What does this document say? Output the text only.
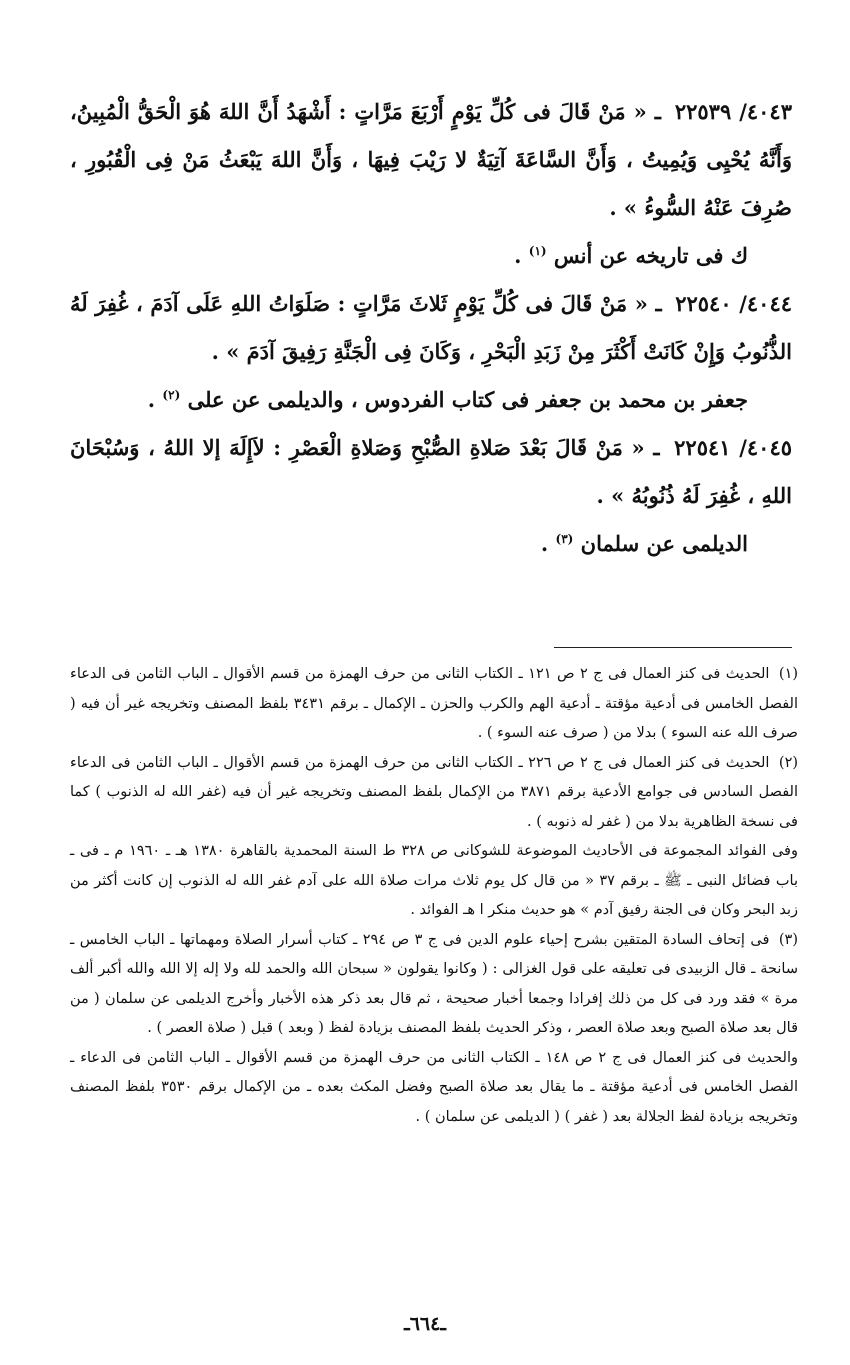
٤٠٤٣/ ٢٢٥٣٩ ـ « مَنْ قَالَ فى كُلِّ يَوْمٍ أَرْبَعَ مَرَّاتٍ : أَشْهَدُ أَنَّ اللهَ هُوَ الْحَقُّ الْمُبِينُ، وَأَنَّهُ يُحْيِى وَيُمِيتُ ، وَأَنَّ السَّاعَةَ آتِيَةٌ لا رَيْبَ فِيهَا ، وَأَنَّ اللهَ يَبْعَثُ مَنْ فِى الْقُبُورِ ، صُرِفَ عَنْهُ السُّوءُ » .

ك فى تاريخه عن أنس $^{(١)}$ .

٤٠٤٤/ ٢٢٥٤٠ ـ « مَنْ قَالَ فى كُلِّ يَوْمٍ ثَلاثَ مَرَّاتٍ : صَلَوَاتُ اللهِ عَلَى آدَمَ ، غُفِرَ لَهُ الذُّنُوبُ وَإِنْ كَانَتْ أَكْثَرَ مِنْ زَبَدِ الْبَحْرِ ، وَكَانَ فِى الْجَنَّةِ رَفِيقَ آدَمَ » .

جعفر بن محمد بن جعفر فى كتاب الفردوس ، والديلمى عن على $^{(٢)}$ .

٤٠٤٥/ ٢٢٥٤١ ـ « مَنْ قَالَ بَعْدَ صَلاةِ الصُّبْحِ وَصَلاةِ الْعَصْرِ : لاَإِلَهَ إلا اللهُ ، وَسُبْحَانَ اللهِ ، غُفِرَ لَهُ ذُنُوبُهُ » .

الديلمى عن سلمان $^{(٣)}$ .

(١) الحديث فى كنز العمال فى ج ٢ ص ١٢١ ـ الكتاب الثانى من حرف الهمزة من قسم الأقوال ـ الباب الثامن فى الدعاء الفصل الخامس فى أدعية مؤقتة ـ أدعية الهم والكرب والحزن ـ الإكمال ـ برقم ٣٤٣١ بلفظ المصنف وتخريجه غير أن فيه ( صرف الله عنه السوء ) بدلا من ( صرف عنه السوء ) .

(٢) الحديث فى كنز العمال فى ج ٢ ص ٢٢٦ ـ الكتاب الثانى من حرف الهمزة من قسم الأقوال ـ الباب الثامن فى الدعاء الفصل السادس فى جوامع الأدعية برقم ٣٨٧١ من الإكمال بلفظ المصنف وتخريجه غير أن فيه (غفر الله له الذنوب ) كما فى نسخة الظاهرية بدلا من ( غفر له ذنوبه ) .

وفى الفوائد المجموعة فى الأحاديث الموضوعة للشوكانى ص ٣٢٨ ط السنة المحمدية بالقاهرة ١٣٨٠ هـ ـ ١٩٦٠ م ـ فى ـ باب فضائل النبى ـ ﷺ ـ برقم ٣٧ « من قال كل يوم ثلاث مرات صلاة الله على آدم غفر الله له الذنوب إن كانت أكثر من زبد البحر وكان فى الجنة رفيق آدم » هو حديث منكر ا هـ الفوائد .

(٣) فى إتحاف السادة المتقين بشرح إحياء علوم الدين فى ج ٣ ص ٢٩٤ ـ كتاب أسرار الصلاة ومهماتها ـ الباب الخامس ـ سانحة ـ قال الزبيدى فى تعليقه على قول الغزالى : ( وكانوا يقولون « سبحان الله والحمد لله ولا إله إلا الله والله أكبر ألف مرة » فقد ورد فى كل من ذلك إفرادا وجمعا أخبار صحيحة ، ثم قال بعد ذكر هذه الأخبار وأخرج الديلمى عن سلمان ( من قال بعد صلاة الصبح وبعد صلاة العصر ، وذكر الحديث بلفظ المصنف بزيادة لفظ ( وبعد ) قبل ( صلاة العصر ) .

والحديث فى كنز العمال فى ج ٢ ص ١٤٨ ـ الكتاب الثانى من حرف الهمزة من قسم الأقوال ـ الباب الثامن فى الدعاء ـ الفصل الخامس فى أدعية مؤقتة ـ ما يقال بعد صلاة الصبح وفضل المكث بعده ـ من الإكمال برقم ٣٥٣٠ بلفظ المصنف وتخريجه بزيادة لفظ الجلالة بعد ( غفر ) ( الديلمى عن سلمان ) .

ـ٦٦٤ـ
